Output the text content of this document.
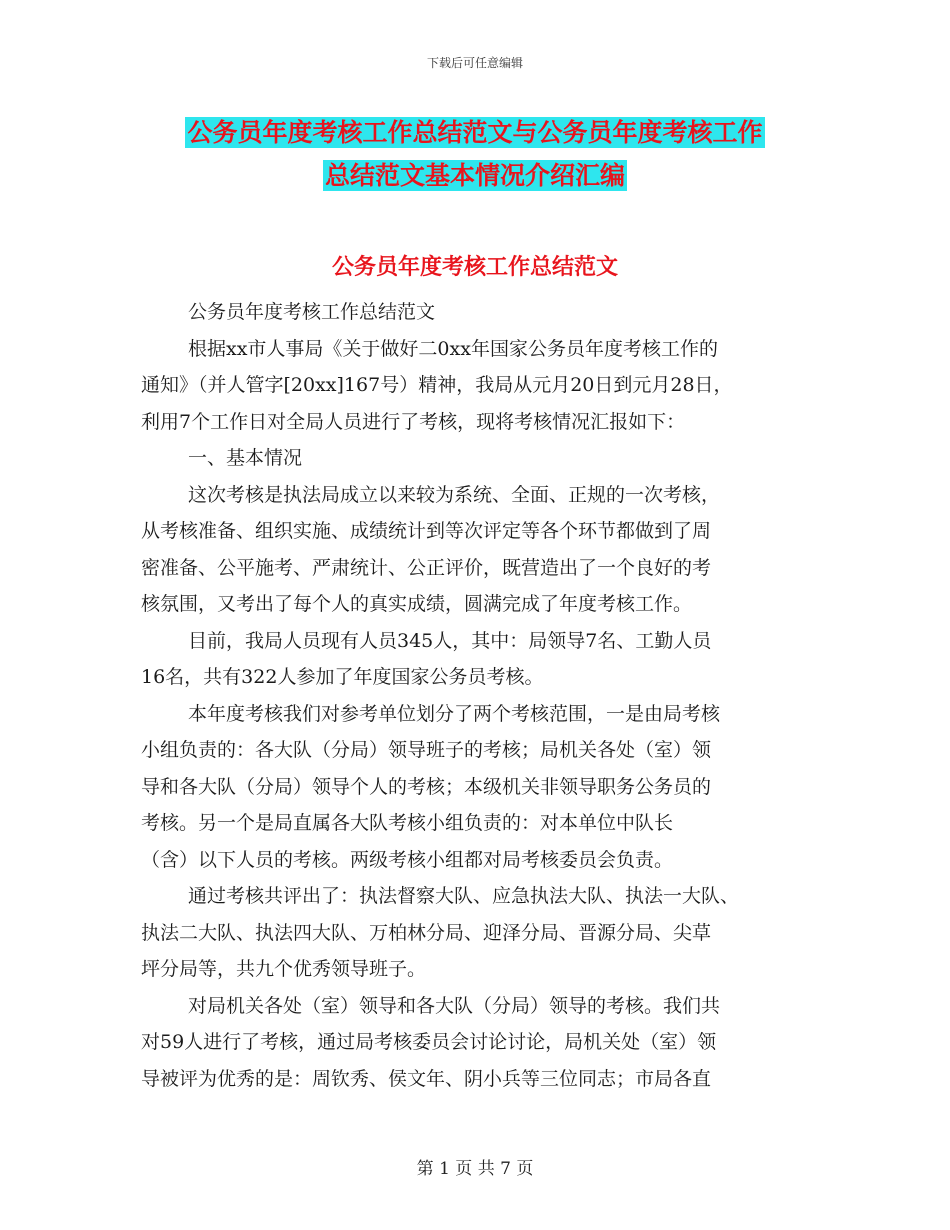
下载后可任意编辑
公务员年度考核工作总结范文与公务员年度考核工作
总结范文基本情况介绍汇编
公务员年度考核工作总结范文
公务员年度考核工作总结范文
根据xx市人事局《关于做好二0xx年国家公务员年度考核工作的
通知》（并人管字[20xx]167号）精神，我局从元月20日到元月28日，
利用7个工作日对全局人员进行了考核，现将考核情况汇报如下：
一、基本情况
这次考核是执法局成立以来较为系统、全面、正规的一次考核，
从考核准备、组织实施、成绩统计到等次评定等各个环节都做到了周
密准备、公平施考、严肃统计、公正评价，既营造出了一个良好的考
核氛围，又考出了每个人的真实成绩，圆满完成了年度考核工作。
目前，我局人员现有人员345人，其中：局领导7名、工勤人员
16名，共有322人参加了年度国家公务员考核。
本年度考核我们对参考单位划分了两个考核范围，一是由局考核
小组负责的：各大队（分局）领导班子的考核；局机关各处（室）领
导和各大队（分局）领导个人的考核；本级机关非领导职务公务员的
考核。另一个是局直属各大队考核小组负责的：对本单位中队长
（含）以下人员的考核。两级考核小组都对局考核委员会负责。
通过考核共评出了：执法督察大队、应急执法大队、执法一大队、
执法二大队、执法四大队、万柏林分局、迎泽分局、晋源分局、尖草
坪分局等，共九个优秀领导班子。
对局机关各处（室）领导和各大队（分局）领导的考核。我们共
对59人进行了考核，通过局考核委员会讨论讨论，局机关处（室）领
导被评为优秀的是：周钦秀、侯文年、阴小兵等三位同志；市局各直
第 1 页 共 7 页
